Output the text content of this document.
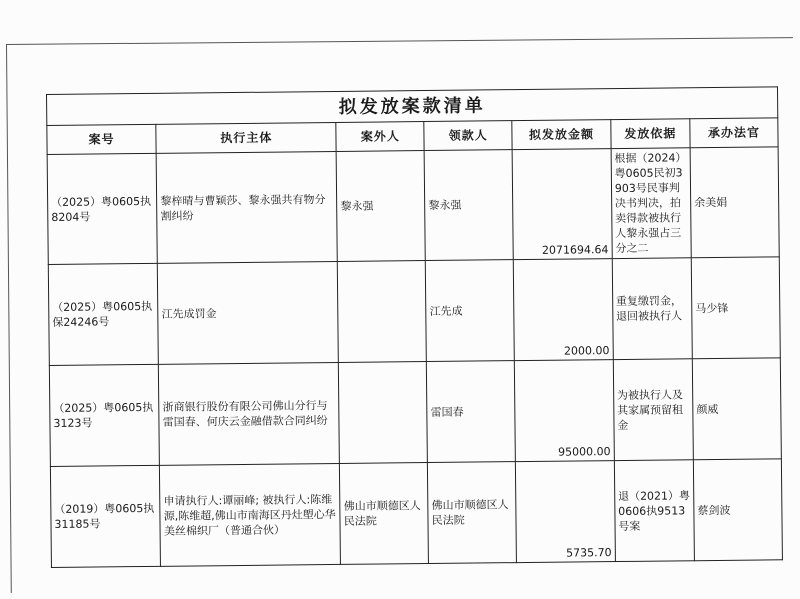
拟发放案款清单						
案号	执行主体	案外人	领款人	拟发放金额	发放依据	承办法官
（2025）粤0605执8204号	黎梓晴与曹颖莎、黎永强共有物分割纠纷	黎永强	黎永强	2071694.64	根据（2024）粤0605民初3903号民事判决书判决，拍卖得款被执行人黎永强占三分之二	余美娟
（2025）粤0605执保24246号	江先成罚金		江先成	2000.00	重复缴罚金，退回被执行人	马少锋
（2025）粤0605执3123号	浙商银行股份有限公司佛山分行与雷国春、何庆云金融借款合同纠纷		雷国春	95000.00	为被执行人及其家属预留租金	颜威
（2019）粤0605执31185号	申请执行人:谭丽峰; 被执行人:陈维源,陈维超,佛山市南海区丹灶塱心华美丝棉织厂（普通合伙）	佛山市顺德区人民法院	佛山市顺德区人民法院	5735.70	退（2021）粤0606执9513号案	蔡剑波
